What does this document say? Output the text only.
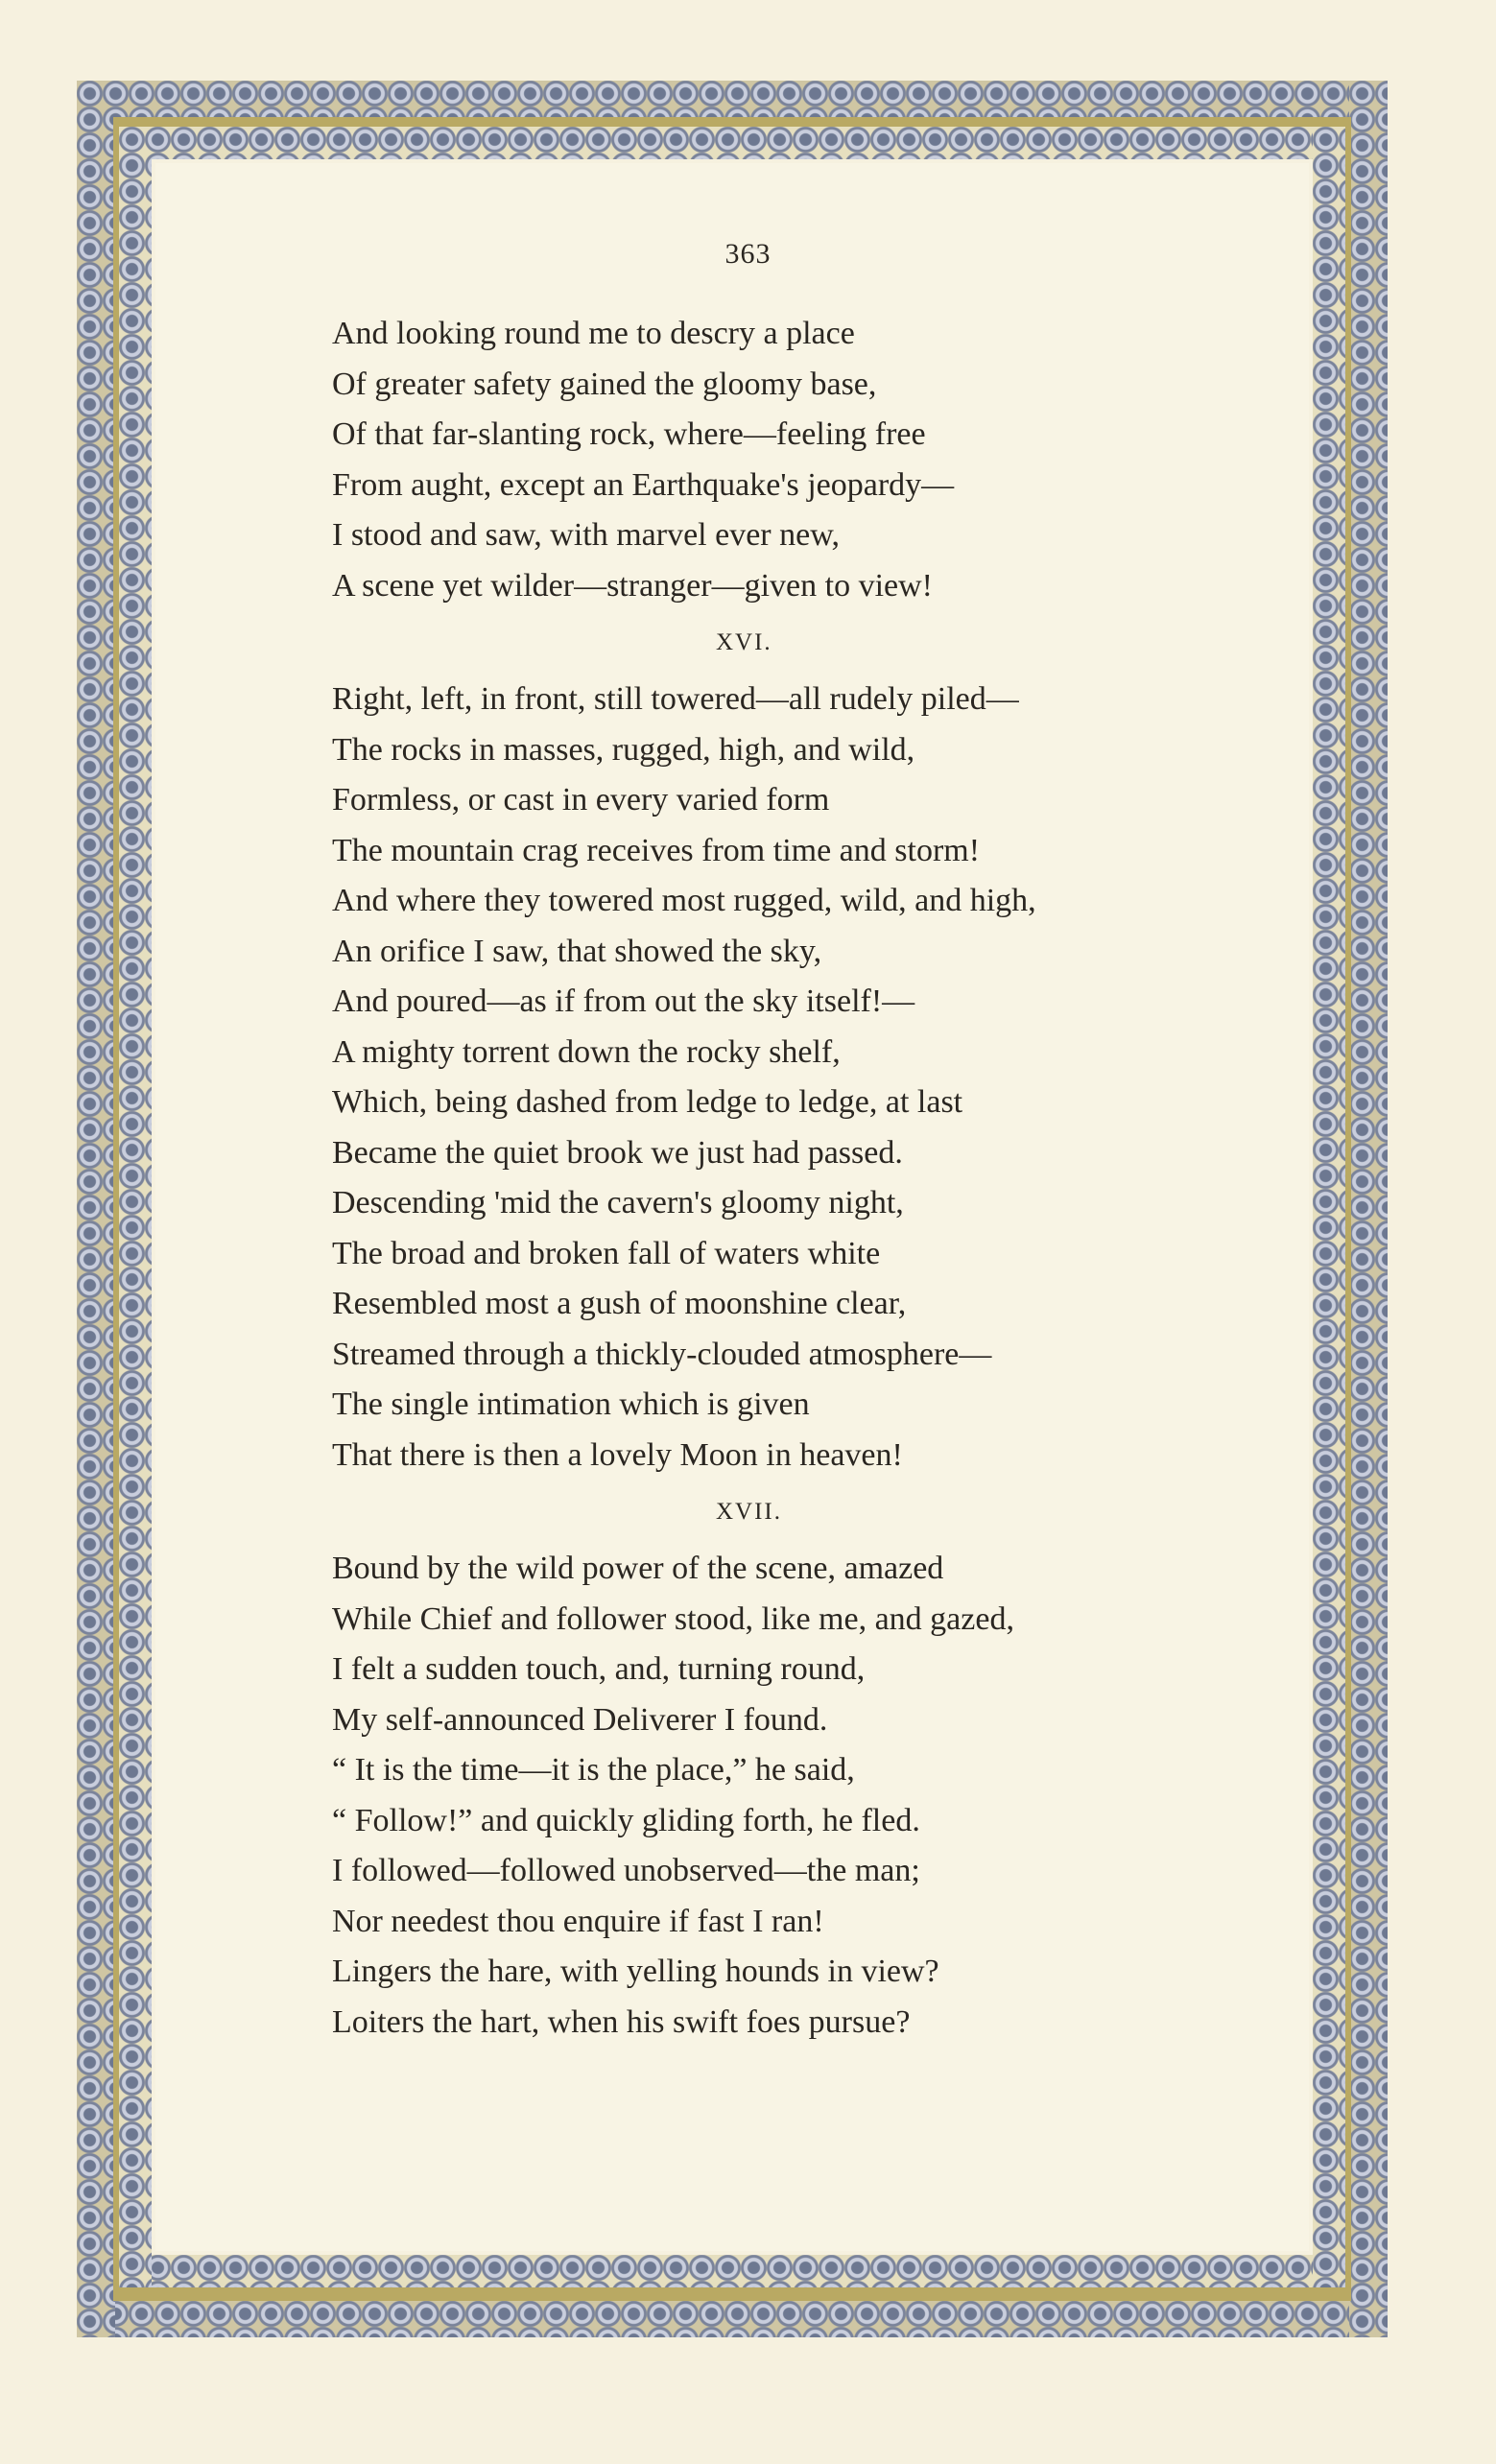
363
And looking round me to descry a place
Of greater safety gained the gloomy base,
Of that far-slanting rock, where—feeling free
From aught, except an Earthquake's jeopardy—
I stood and saw, with marvel ever new,
A scene yet wilder—stranger—given to view!
XVI.
Right, left, in front, still towered—all rudely piled—
The rocks in masses, rugged, high, and wild,
Formless, or cast in every varied form
The mountain crag receives from time and storm!
And where they towered most rugged, wild, and high,
An orifice I saw, that showed the sky,
And poured—as if from out the sky itself!—
A mighty torrent down the rocky shelf,
Which, being dashed from ledge to ledge, at last
Became the quiet brook we just had passed.
Descending 'mid the cavern's gloomy night,
The broad and broken fall of waters white
Resembled most a gush of moonshine clear,
Streamed through a thickly-clouded atmosphere—
The single intimation which is given
That there is then a lovely Moon in heaven!
XVII.
Bound by the wild power of the scene, amazed
While Chief and follower stood, like me, and gazed,
I felt a sudden touch, and, turning round,
My self-announced Deliverer I found.
“ It is the time—it is the place,” he said,
“ Follow!” and quickly gliding forth, he fled.
I followed—followed unobserved—the man;
Nor needest thou enquire if fast I ran!
Lingers the hare, with yelling hounds in view?
Loiters the hart, when his swift foes pursue?
